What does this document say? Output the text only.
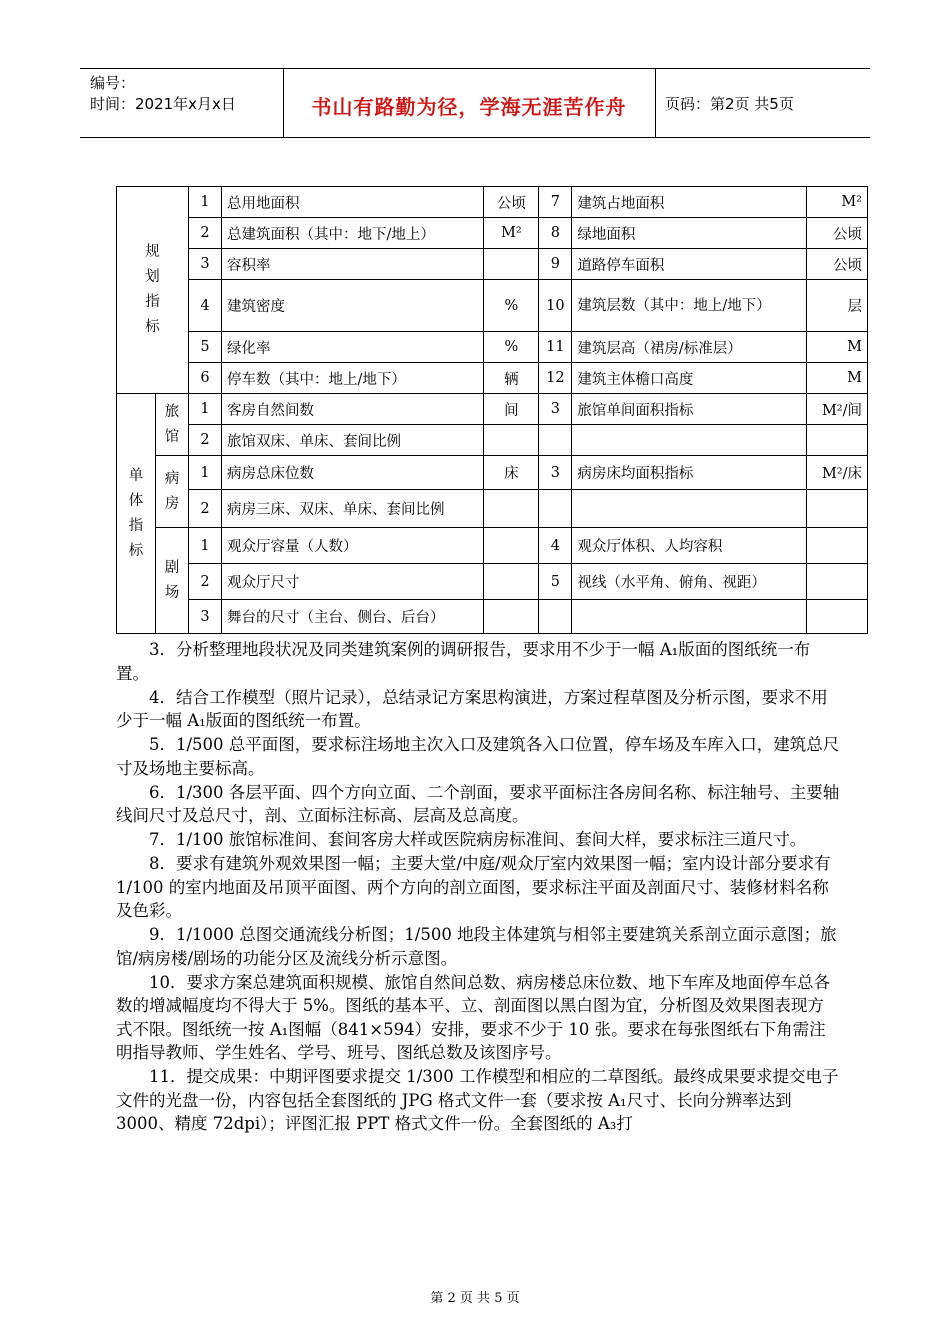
编号：
时间：2021年x月x日	书山有路勤为径，学海无涯苦作舟	页码：第2页 共5页
规划指标		1	总用地面积	公顷	7	建筑占地面积	M²
		2	总建筑面积（其中：地下/地上）	M²	8	绿地面积	公顷
		3	容积率		9	道路停车面积	公顷
		4	建筑密度	%	10	建筑层数（其中：地上/地下）	层
		5	绿化率	%	11	建筑层高（裙房/标准层）	M
		6	停车数（其中：地上/地下）	辆	12	建筑主体檐口高度	M
单体指标	旅馆	1	客房自然间数	间	3	旅馆单间面积指标	M²/间
		2	旅馆双床、单床、套间比例				
	病房	1	病房总床位数	床	3	病房床均面积指标	M²/床
		2	病房三床、双床、单床、套间比例				
	剧场	1	观众厅容量（人数）		4	观众厅体积、人均容积	
		2	观众厅尺寸		5	视线（水平角、俯角、视距）	
		3	舞台的尺寸（主台、侧台、后台）				

3．分析整理地段状况及同类建筑案例的调研报告，要求用不少于一幅 A₁版面的图纸统一布置。

4．结合工作模型（照片记录），总结录记方案思构演进，方案过程草图及分析示图，要求不用少于一幅 A₁版面的图纸统一布置。

5．1/500 总平面图，要求标注场地主次入口及建筑各入口位置，停车场及车库入口，建筑总尺寸及场地主要标高。

6．1/300 各层平面、四个方向立面、二个剖面，要求平面标注各房间名称、标注轴号、主要轴线间尺寸及总尺寸，剖、立面标注标高、层高及总高度。

7．1/100 旅馆标准间、套间客房大样或医院病房标准间、套间大样，要求标注三道尺寸。

8．要求有建筑外观效果图一幅；主要大堂/中庭/观众厅室内效果图一幅；室内设计部分要求有 1/100 的室内地面及吊顶平面图、两个方向的剖立面图，要求标注平面及剖面尺寸、装修材料名称及色彩。

9．1/1000 总图交通流线分析图；1/500 地段主体建筑与相邻主要建筑关系剖立面示意图；旅馆/病房楼/剧场的功能分区及流线分析示意图。

10．要求方案总建筑面积规模、旅馆自然间总数、病房楼总床位数、地下车库及地面停车总各数的增减幅度均不得大于 5%。图纸的基本平、立、剖面图以黑白图为宜，分析图及效果图表现方式不限。图纸统一按 A₁图幅（841×594）安排，要求不少于 10 张。要求在每张图纸右下角需注明指导教师、学生姓名、学号、班号、图纸总数及该图序号。

11．提交成果：中期评图要求提交 1/300 工作模型和相应的二草图纸。最终成果要求提交电子文件的光盘一份，内容包括全套图纸的 JPG 格式文件一套（要求按 A₁尺寸、长向分辨率达到 3000、精度 72dpi）；评图汇报 PPT 格式文件一份。全套图纸的 A₃打

第 2 页 共 5 页
